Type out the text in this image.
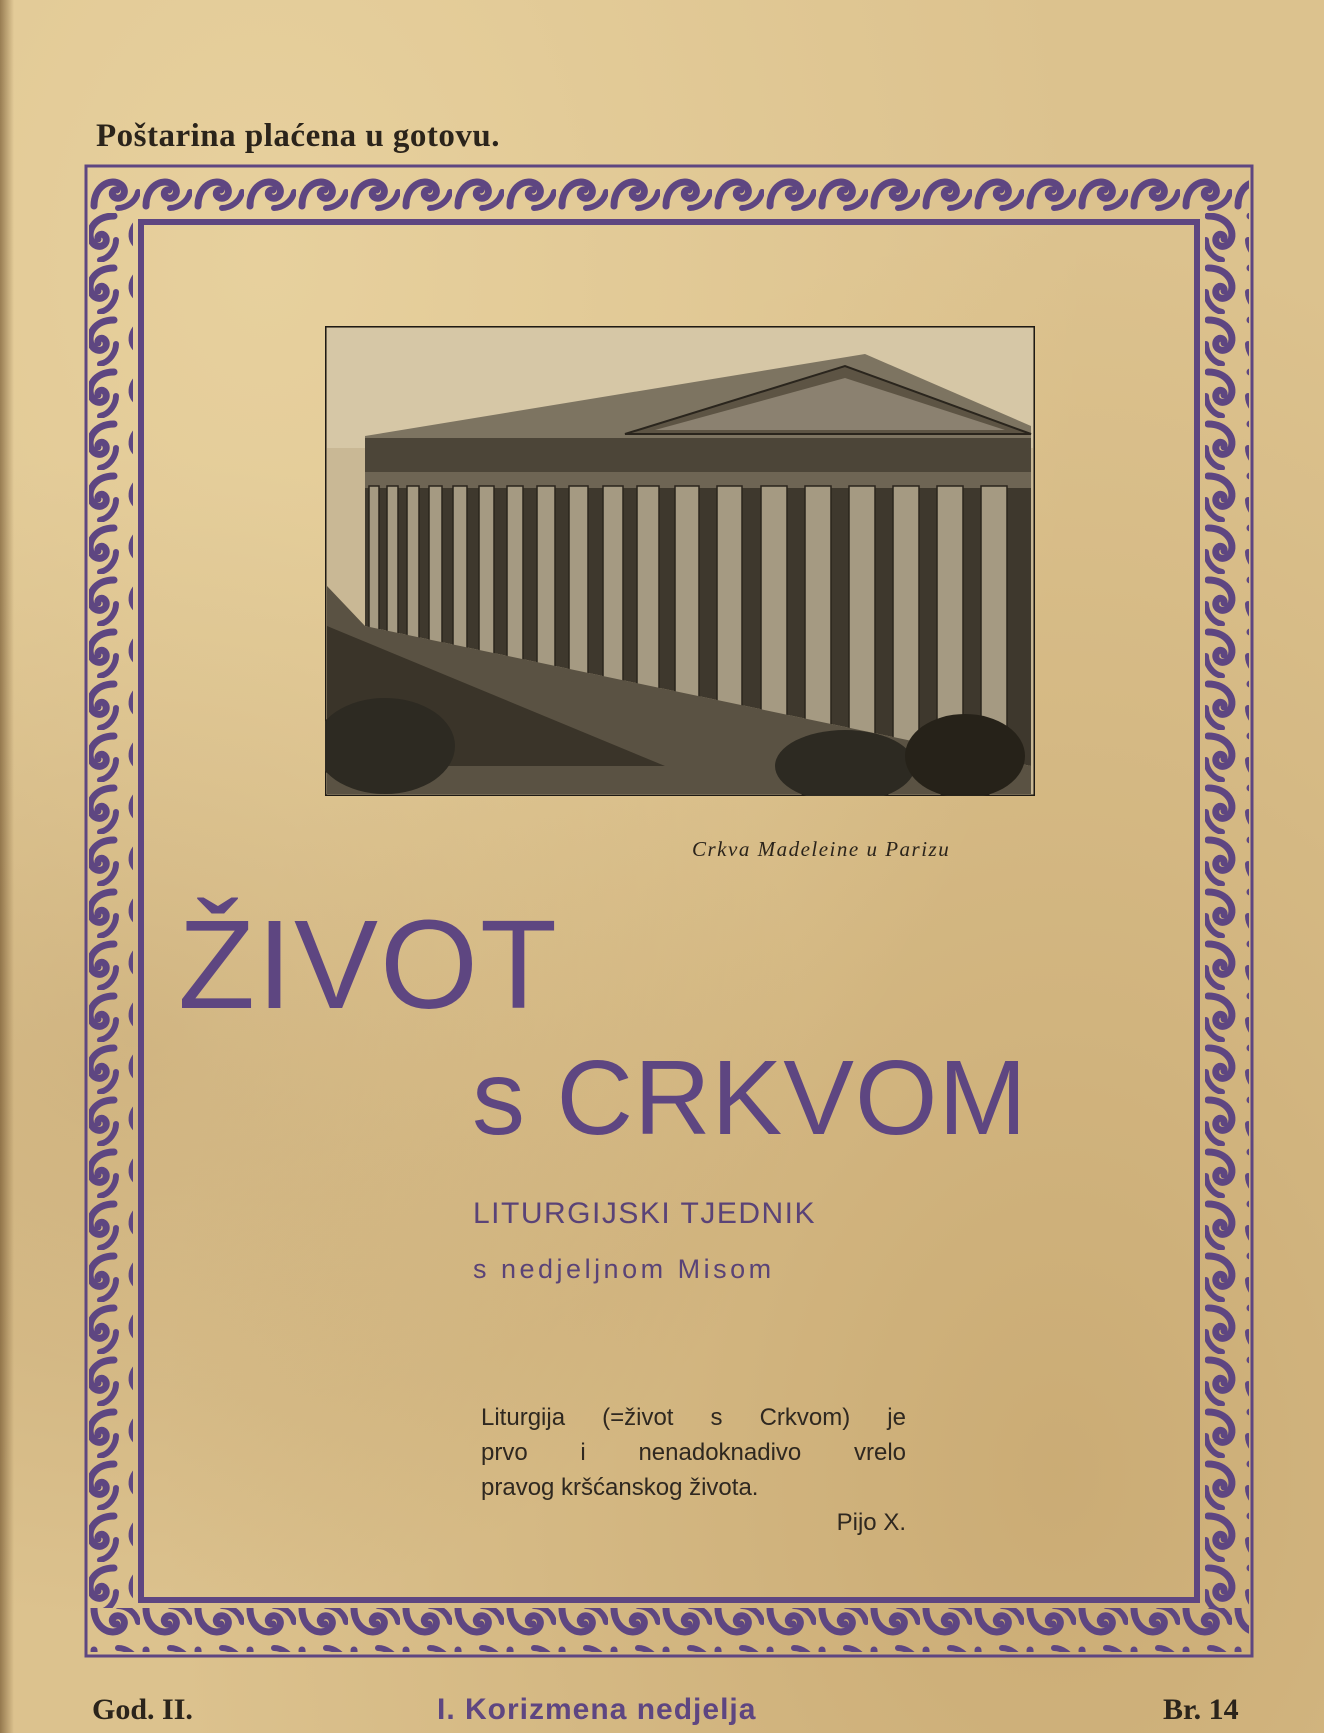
Poštarina plaćena u gotovu.
Crkva Madeleine u Parizu
ŽIVOT
s CRKVOM
LITURGIJSKI TJEDNIK
s nedjeljnom Misom
Liturgija (=život s Crkvom) je
prvo i nenadoknadivo vrelo
pravog kršćanskog života.
Pijo X.
God. II.	I. Korizmena nedjelja	Br. 14
